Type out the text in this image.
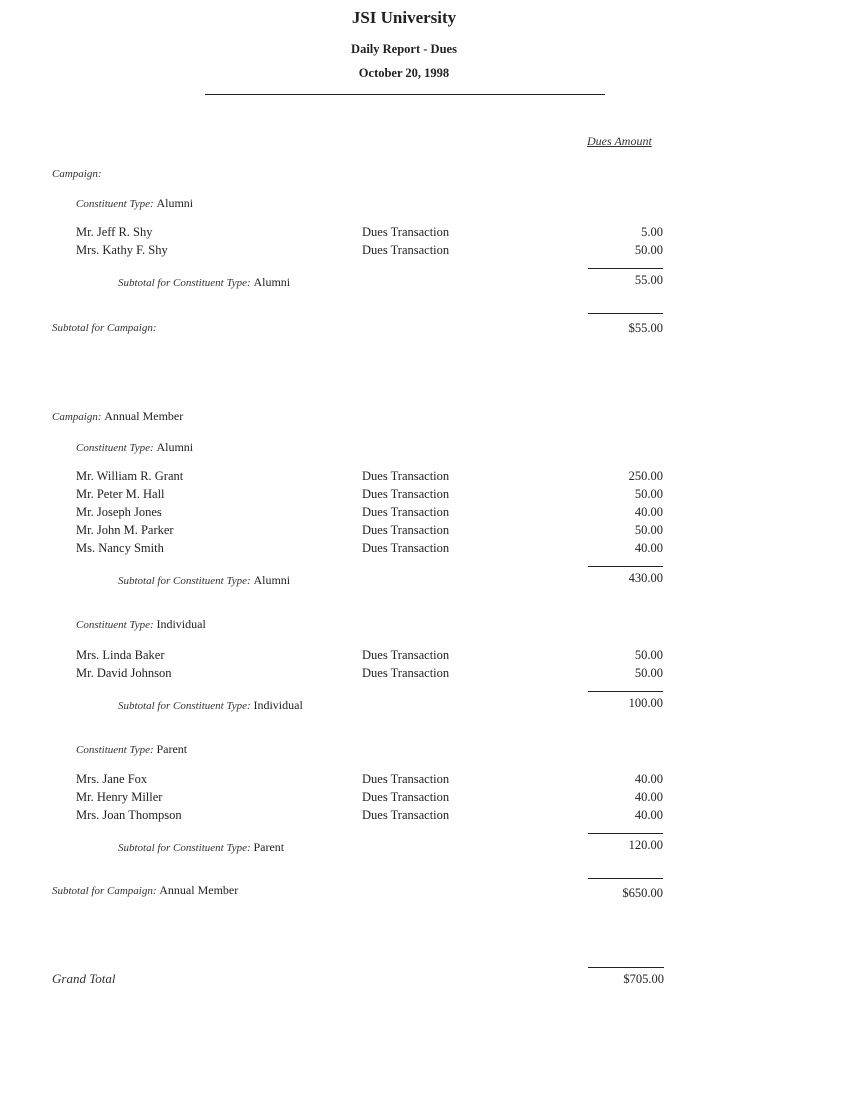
JSI University
Daily Report - Dues
October 20, 1998
Dues Amount
Campaign:
Constituent Type: Alumni
Mr. Jeff R. Shy	Dues Transaction	5.00
Mrs. Kathy F. Shy	Dues Transaction	50.00
Subtotal for Constituent Type: Alumni	55.00
Subtotal for Campaign:	$55.00
Campaign: Annual Member
Constituent Type: Alumni
Mr. William R. Grant	Dues Transaction	250.00
Mr. Peter M. Hall	Dues Transaction	50.00
Mr. Joseph Jones	Dues Transaction	40.00
Mr. John M. Parker	Dues Transaction	50.00
Ms. Nancy Smith	Dues Transaction	40.00
Subtotal for Constituent Type: Alumni	430.00
Constituent Type: Individual
Mrs. Linda Baker	Dues Transaction	50.00
Mr. David Johnson	Dues Transaction	50.00
Subtotal for Constituent Type: Individual	100.00
Constituent Type: Parent
Mrs. Jane Fox	Dues Transaction	40.00
Mr. Henry Miller	Dues Transaction	40.00
Mrs. Joan Thompson	Dues Transaction	40.00
Subtotal for Constituent Type: Parent	120.00
Subtotal for Campaign: Annual Member	$650.00
Grand Total	$705.00
